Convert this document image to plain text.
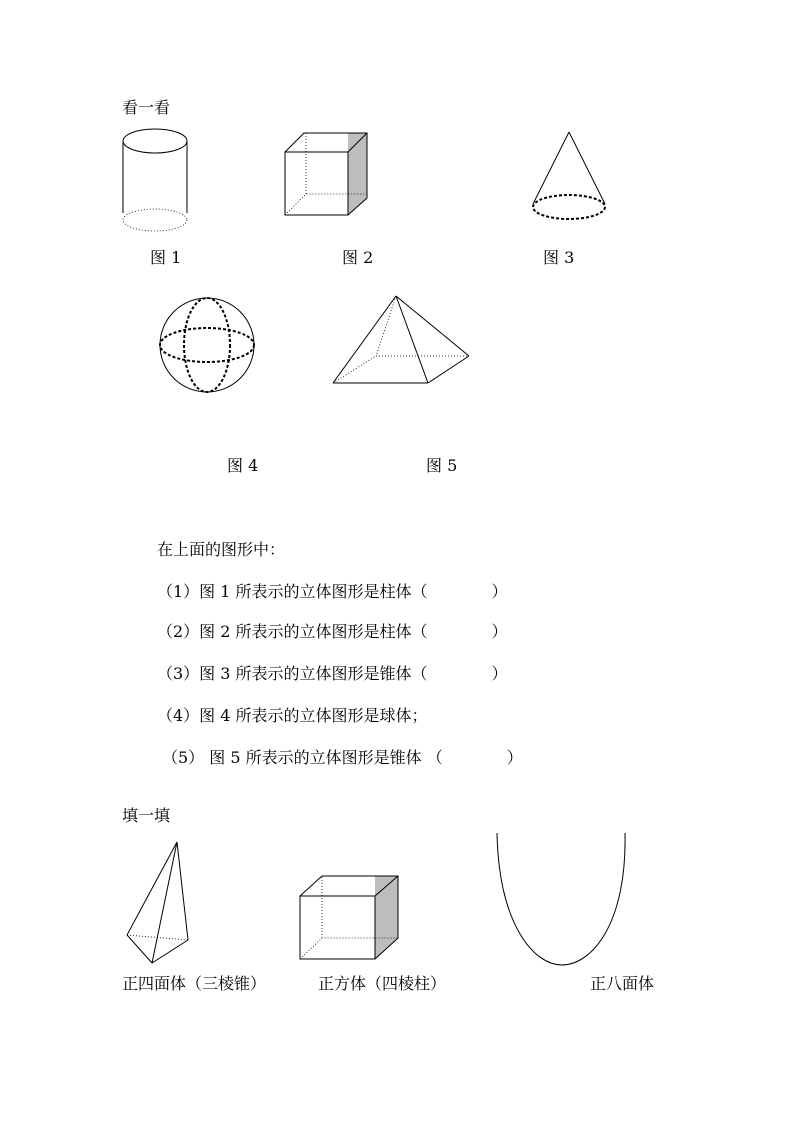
看一看
图 1	图 2	图 3
图 4	图 5
在上面的图形中：
（1）图 1 所表示的立体图形是柱体（　　　　）
（2）图 2 所表示的立体图形是柱体（　　　　）
（3）图 3 所表示的立体图形是锥体（　　　　）
（4）图 4 所表示的立体图形是球体；
（5） 图 5 所表示的立体图形是锥体 （　　　　）
填一填
正四面体（三棱锥）	正方体（四棱柱）	正八面体
